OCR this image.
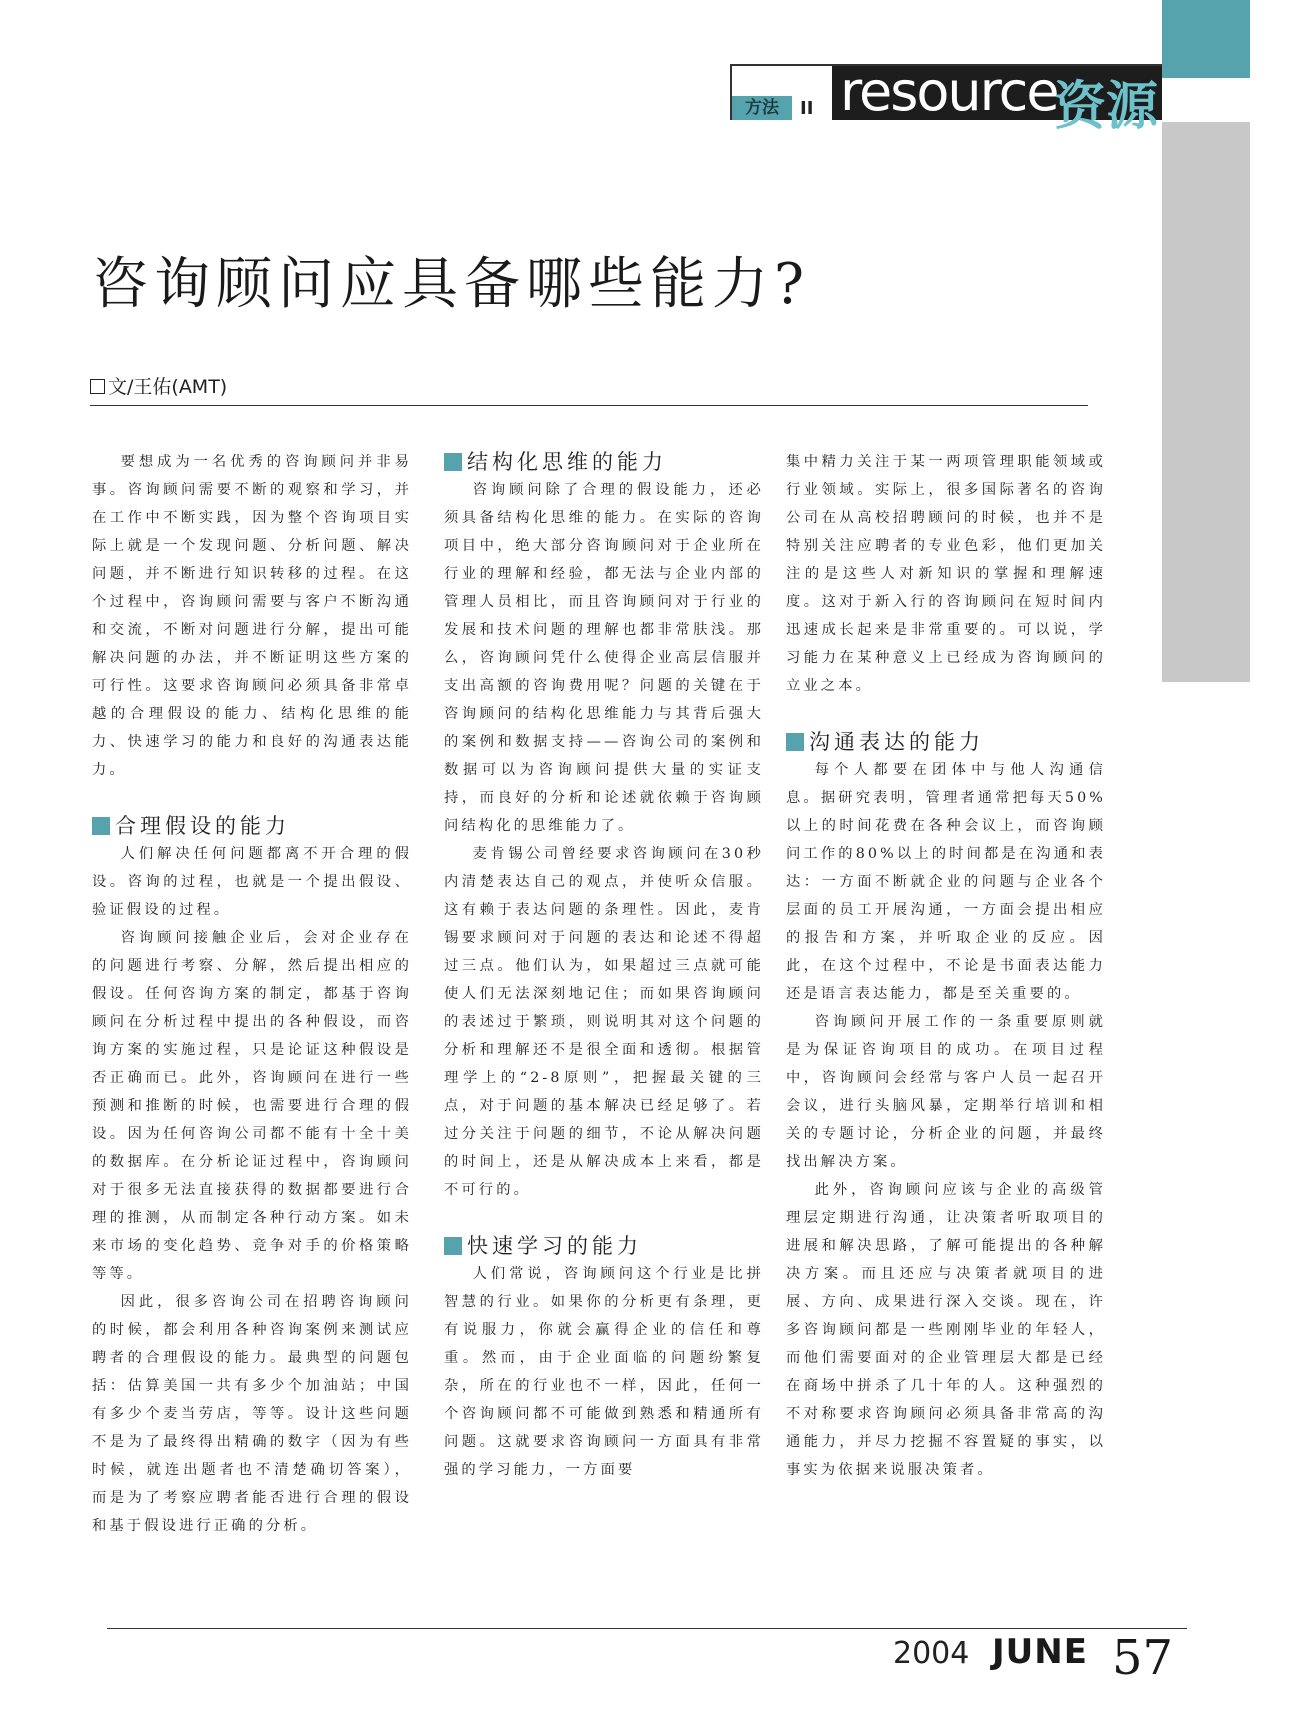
方法	II resource
资源
咨询顾问应具备哪些能力?
文/王佑(AMT)

要想成为一名优秀的咨询顾问并非易事。咨询顾问需要不断的观察和学习，并在工作中不断实践，因为整个咨询项目实际上就是一个发现问题、分析问题、解决问题，并不断进行知识转移的过程。在这个过程中，咨询顾问需要与客户不断沟通和交流，不断对问题进行分解，提出可能解决问题的办法，并不断证明这些方案的可行性。这要求咨询顾问必须具备非常卓越的合理假设的能力、结构化思维的能力、快速学习的能力和良好的沟通表达能力。

合理假设的能力

人们解决任何问题都离不开合理的假设。咨询的过程，也就是一个提出假设、验证假设的过程。

咨询顾问接触企业后，会对企业存在的问题进行考察、分解，然后提出相应的假设。任何咨询方案的制定，都基于咨询顾问在分析过程中提出的各种假设，而咨询方案的实施过程，只是论证这种假设是否正确而已。此外，咨询顾问在进行一些预测和推断的时候，也需要进行合理的假设。因为任何咨询公司都不能有十全十美的数据库。在分析论证过程中，咨询顾问对于很多无法直接获得的数据都要进行合理的推测，从而制定各种行动方案。如未来市场的变化趋势、竞争对手的价格策略等等。

因此，很多咨询公司在招聘咨询顾问的时候，都会利用各种咨询案例来测试应聘者的合理假设的能力。最典型的问题包括：估算美国一共有多少个加油站；中国有多少个麦当劳店，等等。设计这些问题不是为了最终得出精确的数字（因为有些时候，就连出题者也不清楚确切答案），而是为了考察应聘者能否进行合理的假设和基于假设进行正确的分析。

结构化思维的能力

咨询顾问除了合理的假设能力，还必须具备结构化思维的能力。在实际的咨询项目中，绝大部分咨询顾问对于企业所在行业的理解和经验，都无法与企业内部的管理人员相比，而且咨询顾问对于行业的发展和技术问题的理解也都非常肤浅。那么，咨询顾问凭什么使得企业高层信服并支出高额的咨询费用呢？问题的关键在于咨询顾问的结构化思维能力与其背后强大的案例和数据支持——咨询公司的案例和数据可以为咨询顾问提供大量的实证支持，而良好的分析和论述就依赖于咨询顾问结构化的思维能力了。

麦肯锡公司曾经要求咨询顾问在30秒内清楚表达自己的观点，并使听众信服。这有赖于表达问题的条理性。因此，麦肯锡要求顾问对于问题的表达和论述不得超过三点。他们认为，如果超过三点就可能使人们无法深刻地记住；而如果咨询顾问的表述过于繁琐，则说明其对这个问题的分析和理解还不是很全面和透彻。根据管理学上的“2-8原则”，把握最关键的三点，对于问题的基本解决已经足够了。若过分关注于问题的细节，不论从解决问题的时间上，还是从解决成本上来看，都是不可行的。

快速学习的能力

人们常说，咨询顾问这个行业是比拼智慧的行业。如果你的分析更有条理，更有说服力，你就会赢得企业的信任和尊重。然而，由于企业面临的问题纷繁复杂，所在的行业也不一样，因此，任何一个咨询顾问都不可能做到熟悉和精通所有问题。这就要求咨询顾问一方面具有非常强的学习能力，一方面要

集中精力关注于某一两项管理职能领域或行业领域。实际上，很多国际著名的咨询公司在从高校招聘顾问的时候，也并不是特别关注应聘者的专业色彩，他们更加关注的是这些人对新知识的掌握和理解速度。这对于新入行的咨询顾问在短时间内迅速成长起来是非常重要的。可以说，学习能力在某种意义上已经成为咨询顾问的立业之本。

沟通表达的能力

每个人都要在团体中与他人沟通信息。据研究表明，管理者通常把每天50%以上的时间花费在各种会议上，而咨询顾问工作的80%以上的时间都是在沟通和表达：一方面不断就企业的问题与企业各个层面的员工开展沟通，一方面会提出相应的报告和方案，并听取企业的反应。因此，在这个过程中，不论是书面表达能力还是语言表达能力，都是至关重要的。

咨询顾问开展工作的一条重要原则就是为保证咨询项目的成功。在项目过程中，咨询顾问会经常与客户人员一起召开会议，进行头脑风暴，定期举行培训和相关的专题讨论，分析企业的问题，并最终找出解决方案。

此外，咨询顾问应该与企业的高级管理层定期进行沟通，让决策者听取项目的进展和解决思路，了解可能提出的各种解决方案。而且还应与决策者就项目的进展、方向、成果进行深入交谈。现在，许多咨询顾问都是一些刚刚毕业的年轻人，而他们需要面对的企业管理层大都是已经在商场中拼杀了几十年的人。这种强烈的不对称要求咨询顾问必须具备非常高的沟通能力，并尽力挖掘不容置疑的事实，以事实为依据来说服决策者。

2004 JUNE 57
